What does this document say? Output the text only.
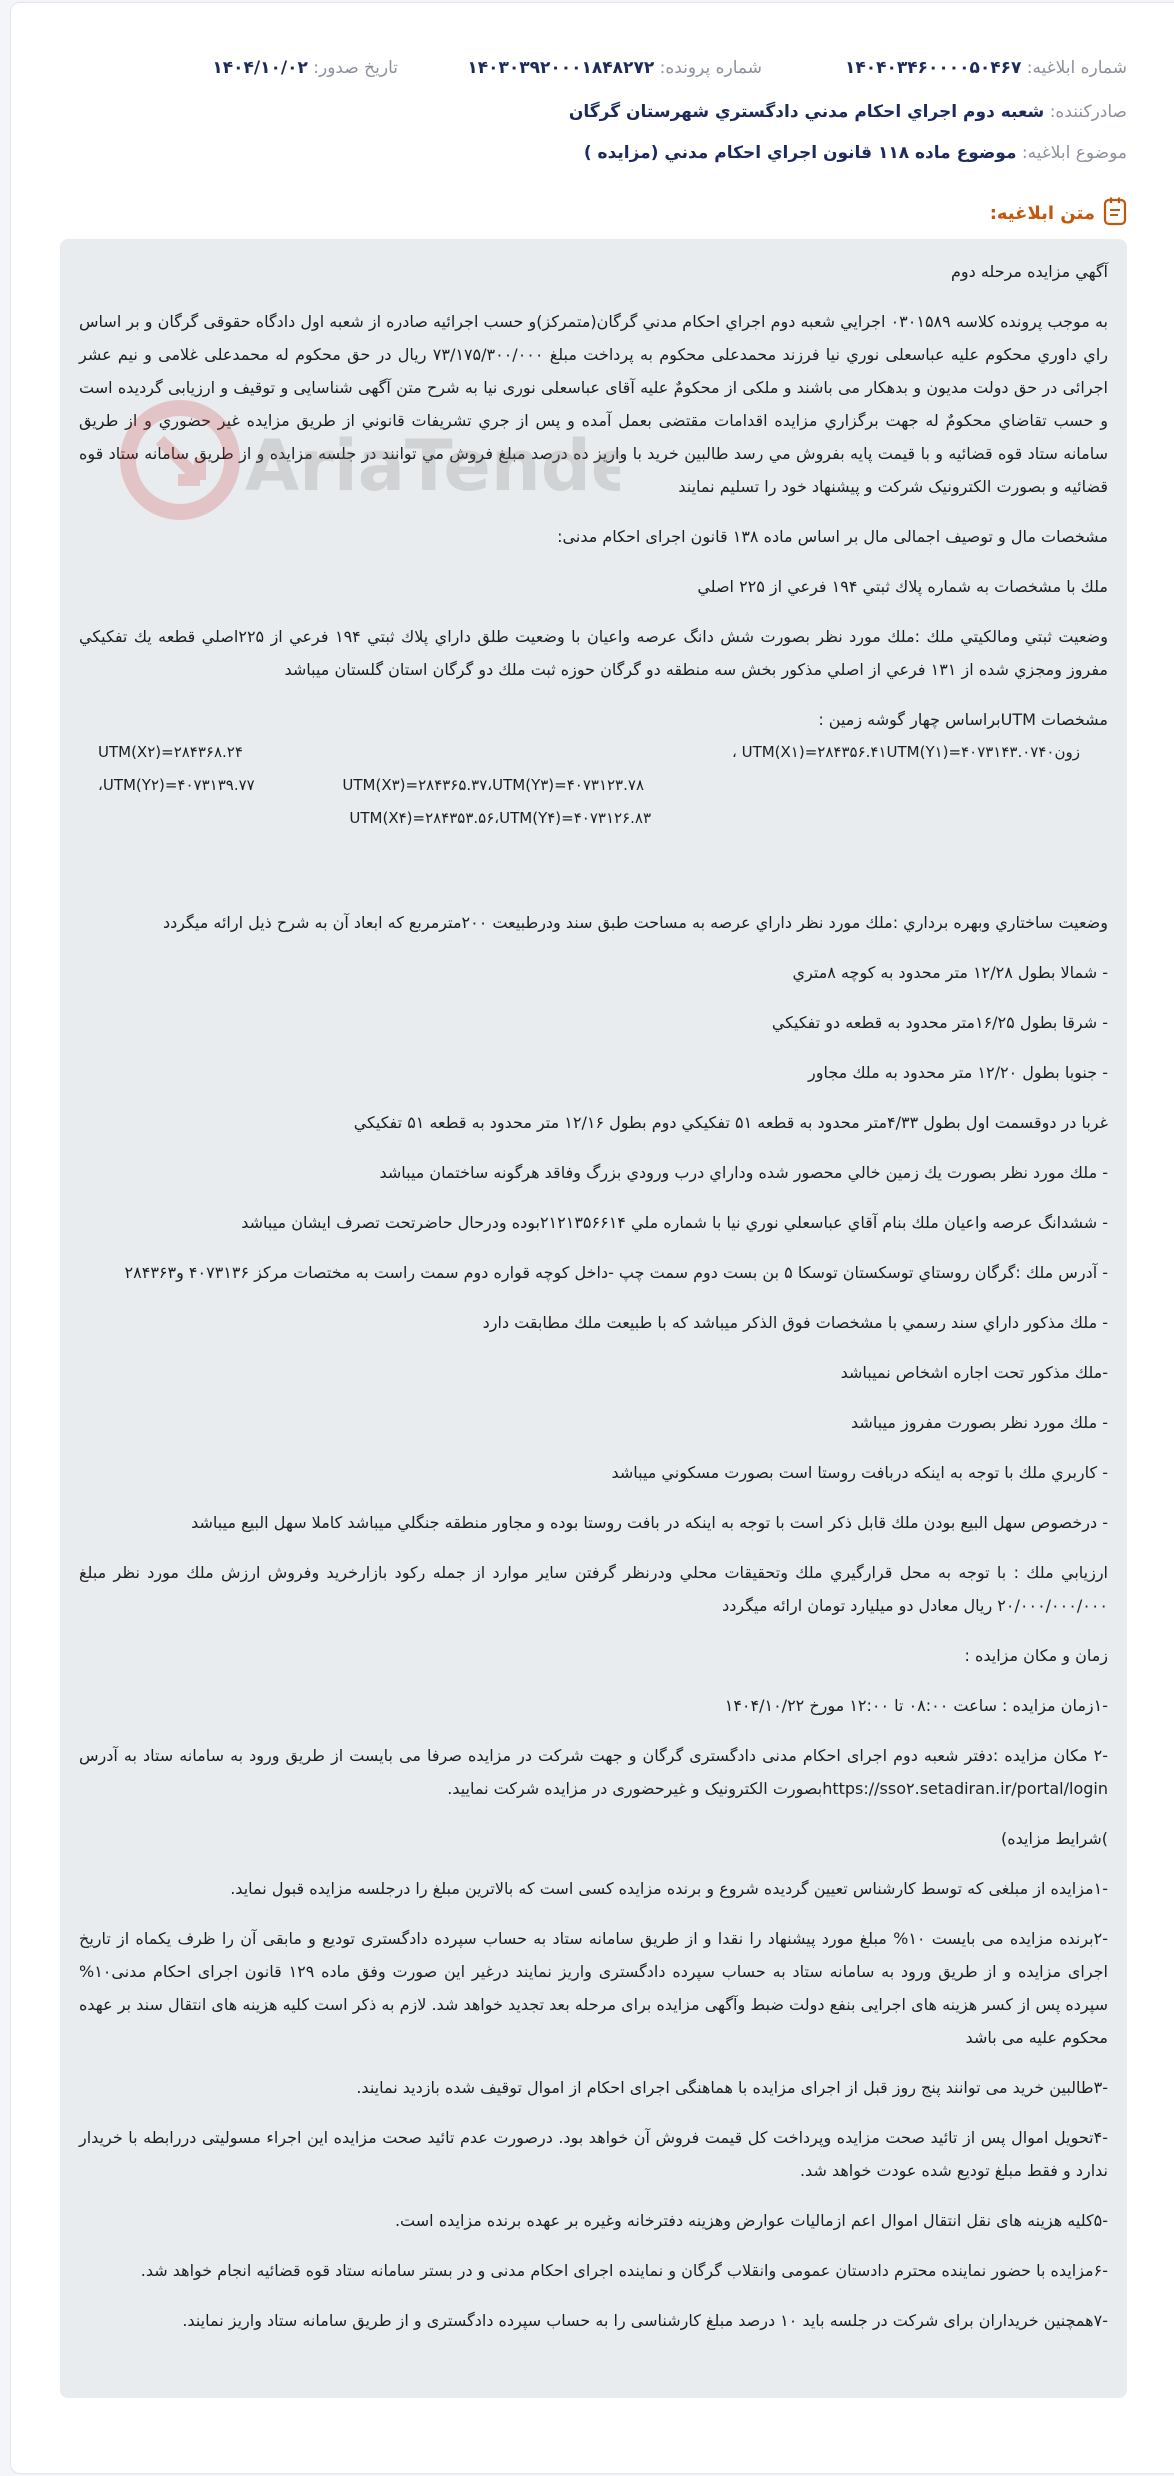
شماره ابلاغیه: ۱۴۰۴۰۳۴۶۰۰۰۰۵۰۴۶۷
شماره پرونده: ۱۴۰۳۰۳۹۲۰۰۰۱۸۴۸۲۷۲
تاریخ صدور: ۱۴۰۴/۱۰/۰۲
صادرکننده: شعبه دوم اجراي احكام مدني دادگستري شهرستان گرگان
موضوع ابلاغیه: موضوع ماده ۱۱۸ قانون اجراي احكام مدني (مزايده )
متن ابلاغیه:

آگهي مزايده مرحله دوم

به موجب پرونده كلاسه ۰۳۰۱۵۸۹ اجرايي شعبه دوم اجراي احكام مدني گرگان(متمركز)و حسب اجرائيه صادره از شعبه اول دادگاه حقوقی گرگان و بر اساس راي داوري محكوم عليه عباسعلی نوري نيا فرزند محمدعلی محكوم به پرداخت مبلغ ۷۳/۱۷۵/۳۰۰/۰۰۰ ريال در حق محكوم له محمدعلی غلامی و نيم عشر اجرائی در حق دولت مديون و بدهكار می باشند و ملكی از محكومٌ عليه آقای عباسعلی نوری نيا به شرح متن آگهی شناسايی و توقيف و ارزيابی گرديده است و حسب تقاضاي محكومٌ له جهت برگزاري مزايده اقدامات مقتضی بعمل آمده و پس از جري تشريفات قانوني از طريق مزايده غير حضوري و از طريق سامانه ستاد قوه قضائيه و با قيمت پايه بفروش مي رسد طالبين خريد با واريز ده درصد مبلغ فروش مي توانند در جلسه مزايده و از طريق سامانه ستاد قوه قضائيه و بصورت الكترونيک شركت و پيشنهاد خود را تسليم نمايند

مشخصات مال و توصيف اجمالی مال بر اساس ماده ۱۳۸ قانون اجرای احكام مدنی:

ملك با مشخصات به شماره پلاك ثبتي ۱۹۴ فرعي از ۲۲۵ اصلي

وضعيت ثبتي ومالكيتي ملك :ملك مورد نظر بصورت شش دانگ عرصه واعيان با وضعيت طلق داراي پلاك ثبتي ۱۹۴ فرعي از ۲۲۵اصلي قطعه يك تفكيكي مفروز ومجزي شده از ۱۳۱ فرعي از اصلي مذكور بخش سه منطقه دو گرگان حوزه ثبت ملك دو گرگان استان گلستان ميباشد

مشخصات UTMبراساس چهار گوشه زمين :

، UTM(X۱)=۲۸۴۳۵۶.۴۱UTM(Y۱)=۴۰۷۳۱۴۳.۰۷زون۴۰
UTM(X۲)=۲۸۴۳۶۸.۲۴
UTM(X۳)=۲۸۴۳۶۵.۳۷،UTM(Y۳)=۴۰۷۳۱۲۳.۷۸
،UTM(Y۲)=۴۰۷۳۱۳۹.۷۷
UTM(X۴)=۲۸۴۳۵۳.۵۶،UTM(Y۴)=۴۰۷۳۱۲۶.۸۳

وضعيت ساختاري وبهره برداري :ملك مورد نظر داراي عرصه به مساحت طبق سند ودرطبيعت ۲۰۰مترمربع كه ابعاد آن به شرح ذيل ارائه ميگردد

- شمالا بطول ۱۲/۲۸ متر محدود به كوچه ۸متري

- شرقا بطول ۱۶/۲۵متر محدود به قطعه دو تفكيكي

- جنوبا بطول ۱۲/۲۰ متر محدود به ملك مجاور

غربا در دوقسمت اول بطول ۴/۳۳متر محدود به قطعه ۵۱ تفكيكي دوم بطول ۱۲/۱۶ متر محدود به قطعه ۵۱ تفكيكي

- ملك مورد نظر بصورت يك زمين خالي محصور شده وداراي درب ورودي بزرگ وفاقد هرگونه ساختمان ميباشد

- ششدانگ عرصه واعيان ملك بنام آقاي عباسعلي نوري نيا با شماره ملي ۲۱۲۱۳۵۶۶۱۴بوده ودرحال حاضرتحت تصرف ايشان ميباشد

- آدرس ملك :گرگان روستاي توسكستان توسكا ۵ بن بست دوم سمت چپ -داخل كوچه قواره دوم سمت راست به مختصات مركز ۴۰۷۳۱۳۶ و۲۸۴۳۶۳

- ملك مذكور داراي سند رسمي با مشخصات فوق الذكر ميباشد كه با طبيعت ملك مطابقت دارد

-ملك مذكور تحت اجاره اشخاص نميباشد

- ملك مورد نظر بصورت مفروز ميباشد

- كاربري ملك با توجه به اينكه دربافت روستا است بصورت مسكوني ميباشد

- درخصوص سهل البيع بودن ملك قابل ذكر است با توجه به اينكه در بافت روستا بوده و مجاور منطقه جنگلي ميباشد كاملا سهل البيع ميباشد

ارزيابي ملك : با توجه به محل قرارگيري ملك وتحقيقات محلي ودرنظر گرفتن ساير موارد از جمله ركود بازارخريد وفروش ارزش ملك مورد نظر مبلغ ۲۰/۰۰۰/۰۰۰/۰۰۰ ريال معادل دو ميليارد تومان ارائه ميگردد

زمان و مكان مزايده :

-۱زمان مزايده : ساعت ۰۸:۰۰ تا ۱۲:۰۰ مورخ ۱۴۰۴/۱۰/۲۲

-۲ مكان مزايده :دفتر شعبه دوم اجرای احكام مدنی دادگستری گرگان و جهت شركت در مزايده صرفا می بايست از طريق ورود به سامانه ستاد به آدرس https://sso۲.setadiran.ir/portal/loginبصورت الكترونيک و غيرحضوری در مزايده شركت نماييد.

)شرايط مزايده)

-۱مزايده از مبلغی كه توسط كارشناس تعيين گرديده شروع و برنده مزايده كسی است كه بالاترين مبلغ را درجلسه مزايده قبول نمايد.

-۲برنده مزايده می بايست ۱۰% مبلغ مورد پيشنهاد را نقدا و از طريق سامانه ستاد به حساب سپرده دادگستری توديع و مابقی آن را ظرف يكماه از تاريخ اجرای مزايده و از طريق ورود به سامانه ستاد به حساب سپرده دادگستری واريز نمايند درغير اين صورت وفق ماده ۱۲۹ قانون اجرای احكام مدنی۱۰% سپرده پس از كسر هزينه های اجرايی بنفع دولت ضبط وآگهی مزايده برای مرحله بعد تجديد خواهد شد. لازم به ذكر است كليه هزينه های انتقال سند بر عهده محكوم عليه می باشد

-۳طالبين خريد می توانند پنج روز قبل از اجرای مزايده با هماهنگی اجرای احكام از اموال توقيف شده بازديد نمايند.

-۴تحويل اموال پس از تائيد صحت مزايده وپرداخت كل قيمت فروش آن خواهد بود. درصورت عدم تائيد صحت مزايده اين اجراء مسوليتی دررابطه با خريدار ندارد و فقط مبلغ توديع شده عودت خواهد شد.

-۵كليه هزينه های نقل انتقال اموال اعم ازماليات عوارض وهزينه دفترخانه وغيره بر عهده برنده مزايده است.

-۶مزايده با حضور نماينده محترم دادستان عمومی وانقلاب گرگان و نماينده اجرای احكام مدنی و در بستر سامانه ستاد قوه قضائيه انجام خواهد شد.

-۷همچنين خريداران برای شركت در جلسه بايد ۱۰ درصد مبلغ كارشناسی را به حساب سپرده دادگستری و از طريق سامانه ستاد واريز نمايند.

AriaTende
